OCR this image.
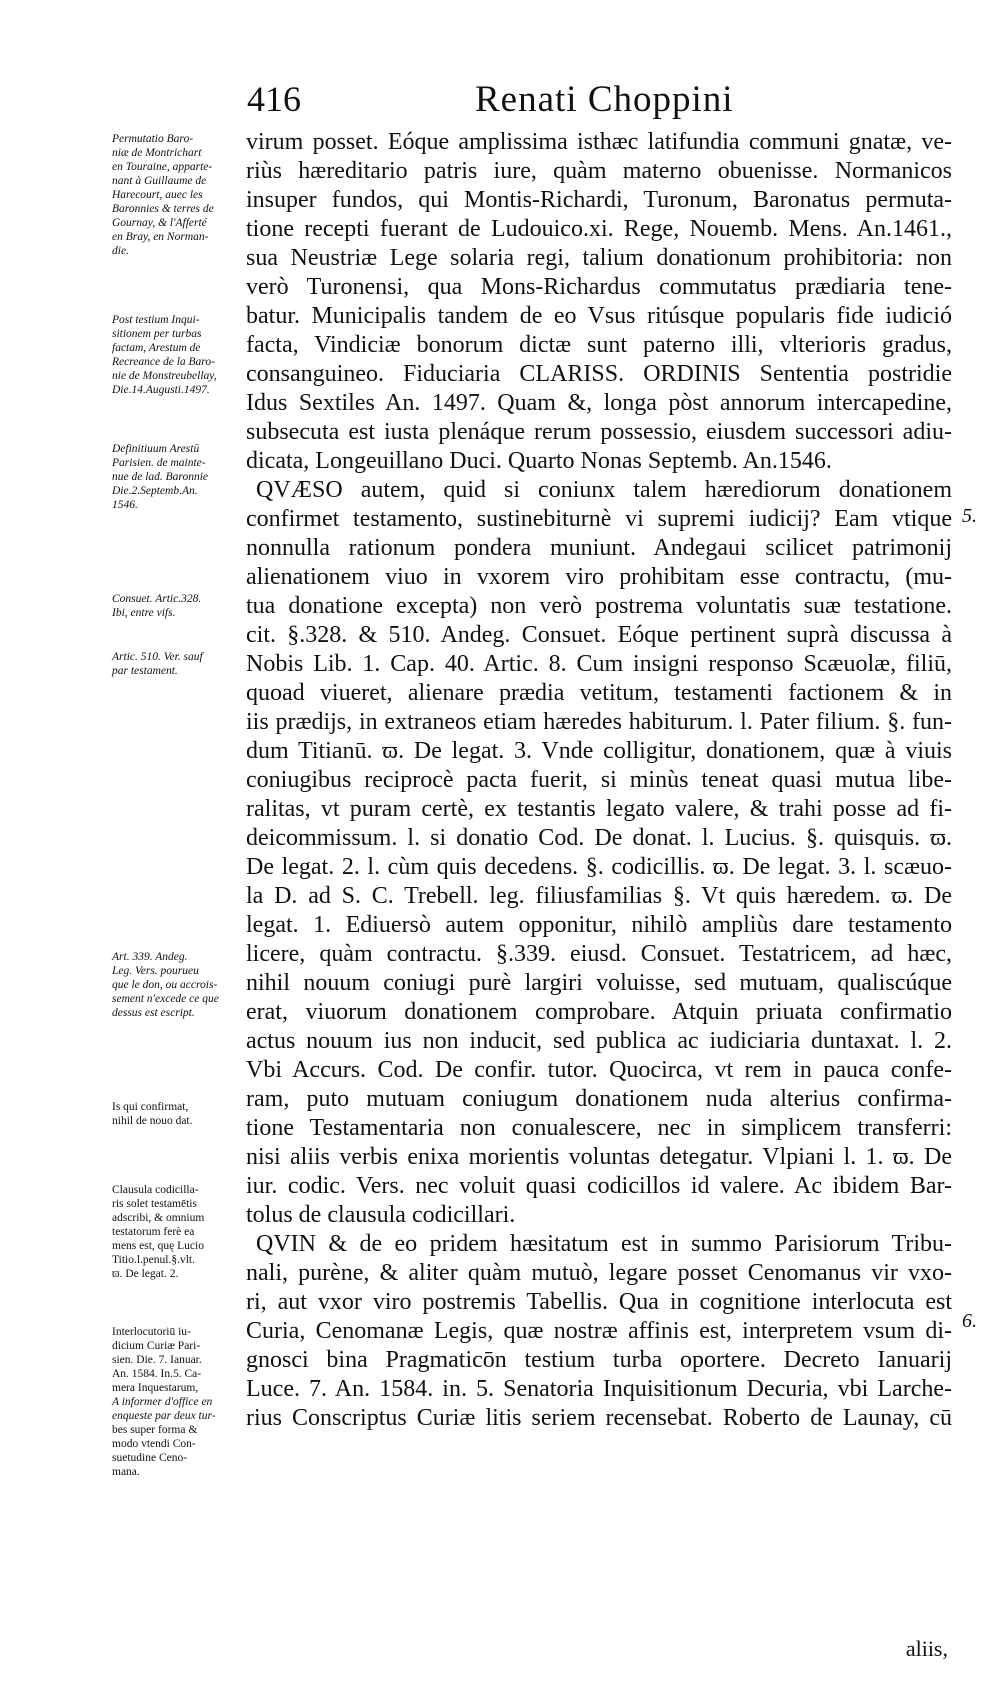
416	Renati Choppini
Permutatio Baro-
niæ de Montrichart
en Touraine, apparte-
nant à Guillaume de
Harecourt, auec les
Baronnies & terres de
Gournay, & l'Afferté
en Bray, en Norman-
die.
Post testium Inqui-
sitionem per turbas
factam, Arestum de
Recreance de la Baro-
nie de Monstreubellay,
Die.14.Augusti.1497.
Definitiuum Arestū
Parisien. de mainte-
nue de lad. Baronnie
Die.2.Septemb.An.
1546.
Consuet. Artic.328.
Ibi, entre vifs.
Artic. 510. Ver. sauf
par testament.
Art. 339. Andeg.
Leg. Vers. pourueu
que le don, ou accrois-
sement n'excede ce que
dessus est escript.
Is qui confirmat,
nihil de nouo dat.
Clausula codicilla-
ris solet testamētis
adscribi, & omnium
testatorum ferè ea
mens est, quę Lucio
Titio.l.penul.§.vlt.
ϖ. De legat. 2.
Interlocutoriū iu-
dicium Curiæ Pari-
sien. Die. 7. Ianuar.
An. 1584. In.5. Ca-
mera Inquestarum,
A informer d'office en
enqueste par deux tur-
bes super forma &
modo vtendi Con-
suetudine Ceno-
mana.
virum posset. Eóque amplissima isthæc latifundia communi gnatæ, ve-
riùs hæreditario patris iure, quàm materno obuenisse. Normanicos
insuper fundos, qui Montis-Richardi, Turonum, Baronatus permuta-
tione recepti fuerant de Ludouico.xi. Rege, Nouemb. Mens. An.1461.,
sua Neustriæ Lege solaria regi, talium donationum prohibitoria: non
verò Turonensi, qua Mons-Richardus commutatus prædiaria tene-
batur. Municipalis tandem de eo Vsus ritúsque popularis fide iudició
facta, Vindiciæ bonorum dictæ sunt paterno illi, vlterioris gradus,
consanguineo. Fiduciaria CLARISS. ORDINIS Sententia postridie
Idus Sextiles An. 1497. Quam &, longa pòst annorum intercapedine,
subsecuta est iusta plenáque rerum possessio, eiusdem successori adiu-
dicata, Longeuillano Duci. Quarto Nonas Septemb. An.1546.
QVÆSO autem, quid si coniunx talem hærediorum donationem
confirmet testamento, sustinebiturnè vi supremi iudicij? Eam vtique
nonnulla rationum pondera muniunt. Andegaui scilicet patrimonij
alienationem viuo in vxorem viro prohibitam esse contractu, (mu-
tua donatione excepta) non verò postrema voluntatis suæ testatione.
cit. §.328. & 510. Andeg. Consuet. Eóque pertinent suprà discussa à
Nobis Lib. 1. Cap. 40. Artic. 8. Cum insigni responso Scæuolæ, filiū,
quoad viueret, alienare prædia vetitum, testamenti factionem & in
iis prædijs, in extraneos etiam hæredes habiturum. l. Pater filium. §. fun-
dum Titianū. ϖ. De legat. 3. Vnde colligitur, donationem, quæ à viuis
coniugibus reciprocè pacta fuerit, si minùs teneat quasi mutua libe-
ralitas, vt puram certè, ex testantis legato valere, & trahi posse ad fi-
deicommissum. l. si donatio Cod. De donat. l. Lucius. §. quisquis. ϖ.
De legat. 2. l. cùm quis decedens. §. codicillis. ϖ. De legat. 3. l. scæuo-
la D. ad S. C. Trebell. leg. filiusfamilias §. Vt quis hæredem. ϖ. De
legat. 1. Ediuersò autem opponitur, nihilò ampliùs dare testamento
licere, quàm contractu. §.339. eiusd. Consuet. Testatricem, ad hæc,
nihil nouum coniugi purè largiri voluisse, sed mutuam, qualiscúque
erat, viuorum donationem comprobare. Atquin priuata confirmatio
actus nouum ius non inducit, sed publica ac iudiciaria duntaxat. l. 2.
Vbi Accurs. Cod. De confir. tutor. Quocirca, vt rem in pauca confe-
ram, puto mutuam coniugum donationem nuda alterius confirma-
tione Testamentaria non conualescere, nec in simplicem transferri:
nisi aliis verbis enixa morientis voluntas detegatur. Vlpiani l. 1. ϖ. De
iur. codic. Vers. nec voluit quasi codicillos id valere. Ac ibidem Bar-
tolus de clausula codicillari.
QVIN & de eo pridem hæsitatum est in summo Parisiorum Tribu-
nali, purène, & aliter quàm mutuò, legare posset Cenomanus vir vxo-
ri, aut vxor viro postremis Tabellis. Qua in cognitione interlocuta est
Curia, Cenomanæ Legis, quæ nostræ affinis est, interpretem vsum di-
gnosci bina Pragmaticōn testium turba oportere. Decreto Ianuarij
Luce. 7. An. 1584. in. 5. Senatoria Inquisitionum Decuria, vbi Larche-
rius Conscriptus Curiæ litis seriem recensebat. Roberto de Launay, cū
5.
6.
aliis,
